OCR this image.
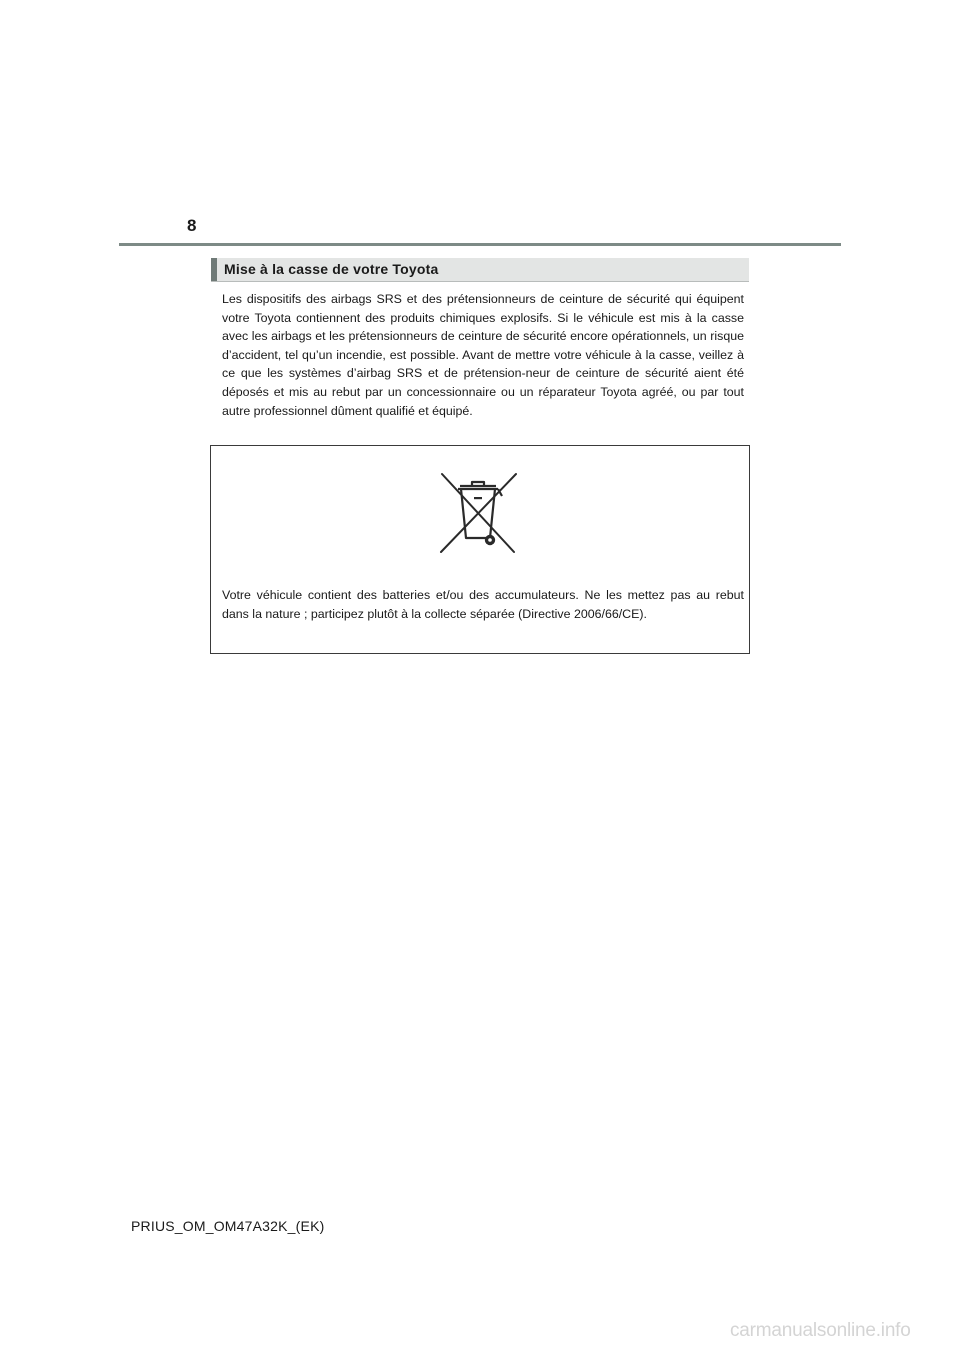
8
Mise à la casse de votre Toyota

Les dispositifs des airbags SRS et des prétensionneurs de ceinture de sécurité qui équipent votre Toyota contiennent des produits chimiques explosifs. Si le véhicule est mis à la casse avec les airbags et les prétensionneurs de ceinture de sécurité encore opérationnels, un risque d’accident, tel qu’un incendie, est possible. Avant de mettre votre véhicule à la casse, veillez à ce que les systèmes d’airbag SRS et de prétension-neur de ceinture de sécurité aient été déposés et mis au rebut par un concessionnaire ou un réparateur Toyota agréé, ou par tout autre professionnel dûment qualifié et équipé.

Votre véhicule contient des batteries et/ou des accumulateurs. Ne les mettez pas au rebut dans la nature ; participez plutôt à la collecte séparée (Directive 2006/66/CE).

PRIUS_OM_OM47A32K_(EK)
carmanualsonline.info
